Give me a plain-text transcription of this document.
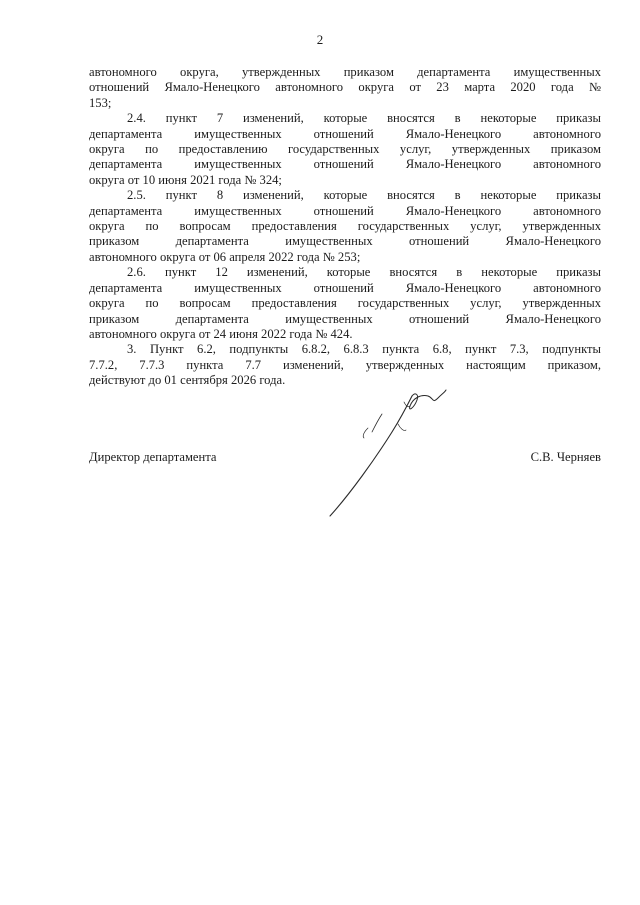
2
автономного округа, утвержденных приказом департамента имущественных
отношений Ямало-Ненецкого автономного округа от 23 марта 2020 года №
153;
2.4. пункт 7 изменений, которые вносятся в некоторые приказы
департамента имущественных отношений Ямало-Ненецкого автономного
округа по предоставлению государственных услуг, утвержденных приказом
департамента имущественных отношений Ямало-Ненецкого автономного
округа от 10 июня 2021 года № 324;
2.5. пункт 8 изменений, которые вносятся в некоторые приказы
департамента имущественных отношений Ямало-Ненецкого автономного
округа по вопросам предоставления государственных услуг, утвержденных
приказом департамента имущественных отношений Ямало-Ненецкого
автономного округа от 06 апреля 2022 года № 253;
2.6. пункт 12 изменений, которые вносятся в некоторые приказы
департамента имущественных отношений Ямало-Ненецкого автономного
округа по вопросам предоставления государственных услуг, утвержденных
приказом департамента имущественных отношений Ямало-Ненецкого
автономного округа от 24 июня 2022 года № 424.
3. Пункт 6.2, подпункты 6.8.2, 6.8.3 пункта 6.8, пункт 7.3, подпункты
7.7.2, 7.7.3 пункта 7.7 изменений, утвержденных настоящим приказом,
действуют до 01 сентября 2026 года.
Директор департамента	С.В. Черняев
